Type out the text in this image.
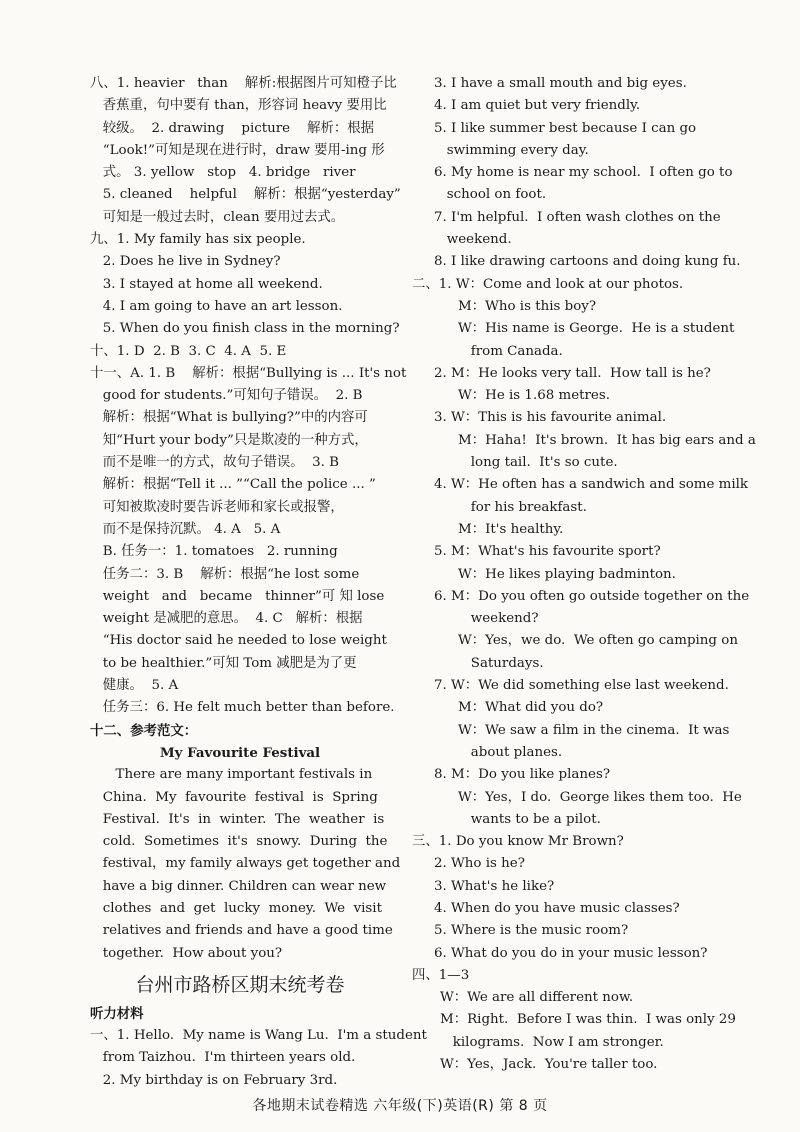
八、1. heavier   than    解析:根据图片可知橙子比
香蕉重，句中要有 than，形容词 heavy 要用比
较级。  2. drawing    picture    解析：根据
“Look!”可知是现在进行时，draw 要用-ing 形
式。 3. yellow   stop   4. bridge   river
5. cleaned    helpful    解析：根据“yesterday”
可知是一般过去时，clean 要用过去式。
九、1. My family has six people.
2. Does he live in Sydney?
3. I stayed at home all weekend.
4. I am going to have an art lesson.
5. When do you finish class in the morning?
十、1. D  2. B  3. C  4. A  5. E
十一、A. 1. B    解析：根据“Bullying is ... It's not
good for students.”可知句子错误。  2. B
解析：根据“What is bullying?”中的内容可
知“Hurt your body”只是欺凌的一种方式，
而不是唯一的方式，故句子错误。  3. B
解析：根据“Tell it ... ”“Call the police ... ”
可知被欺凌时要告诉老师和家长或报警，
而不是保持沉默。 4. A   5. A
B. 任务一：1. tomatoes   2. running
任务二：3. B    解析：根据“he lost some
weight   and   became   thinner”可 知 lose
weight 是减肥的意思。  4. C   解析：根据
“His doctor said he needed to lose weight
to be healthier.”可知 Tom 减肥是为了更
健康。  5. A
任务三：6. He felt much better than before.
十二、参考范文：
My Favourite Festival
There are many important festivals in
China.  My  favourite  festival  is  Spring
Festival.  It's  in  winter.  The  weather  is
cold.  Sometimes  it's  snowy.  During  the
festival，my family always get together and
have a big dinner. Children can wear new
clothes  and  get  lucky  money.  We  visit
relatives and friends and have a good time
together.  How about you?
台州市路桥区期末统考卷
听力材料
一、1. Hello.  My name is Wang Lu.  I'm a student
from Taizhou.  I'm thirteen years old.
2. My birthday is on February 3rd.
3. I have a small mouth and big eyes.
4. I am quiet but very friendly.
5. I like summer best because I can go
swimming every day.
6. My home is near my school.  I often go to
school on foot.
7. I'm helpful.  I often wash clothes on the
weekend.
8. I like drawing cartoons and doing kung fu.
二、1. W：Come and look at our photos.
M：Who is this boy?
W：His name is George.  He is a student
from Canada.
2. M：He looks very tall.  How tall is he?
W：He is 1.68 metres.
3. W：This is his favourite animal.
M：Haha!  It's brown.  It has big ears and a
long tail.  It's so cute.
4. W：He often has a sandwich and some milk
for his breakfast.
M：It's healthy.
5. M：What's his favourite sport?
W：He likes playing badminton.
6. M：Do you often go outside together on the
weekend?
W：Yes，we do.  We often go camping on
Saturdays.
7. W：We did something else last weekend.
M：What did you do?
W：We saw a film in the cinema.  It was
about planes.
8. M：Do you like planes?
W：Yes，I do.  George likes them too.  He
wants to be a pilot.
三、1. Do you know Mr Brown?
2. Who is he?
3. What's he like?
4. When do you have music classes?
5. Where is the music room?
6. What do you do in your music lesson?
四、1—3
W：We are all different now.
M：Right.  Before I was thin.  I was only 29
kilograms.  Now I am stronger.
W：Yes，Jack.  You're taller too.
各地期末试卷精选 六年级(下)英语(R) 第 8 页
